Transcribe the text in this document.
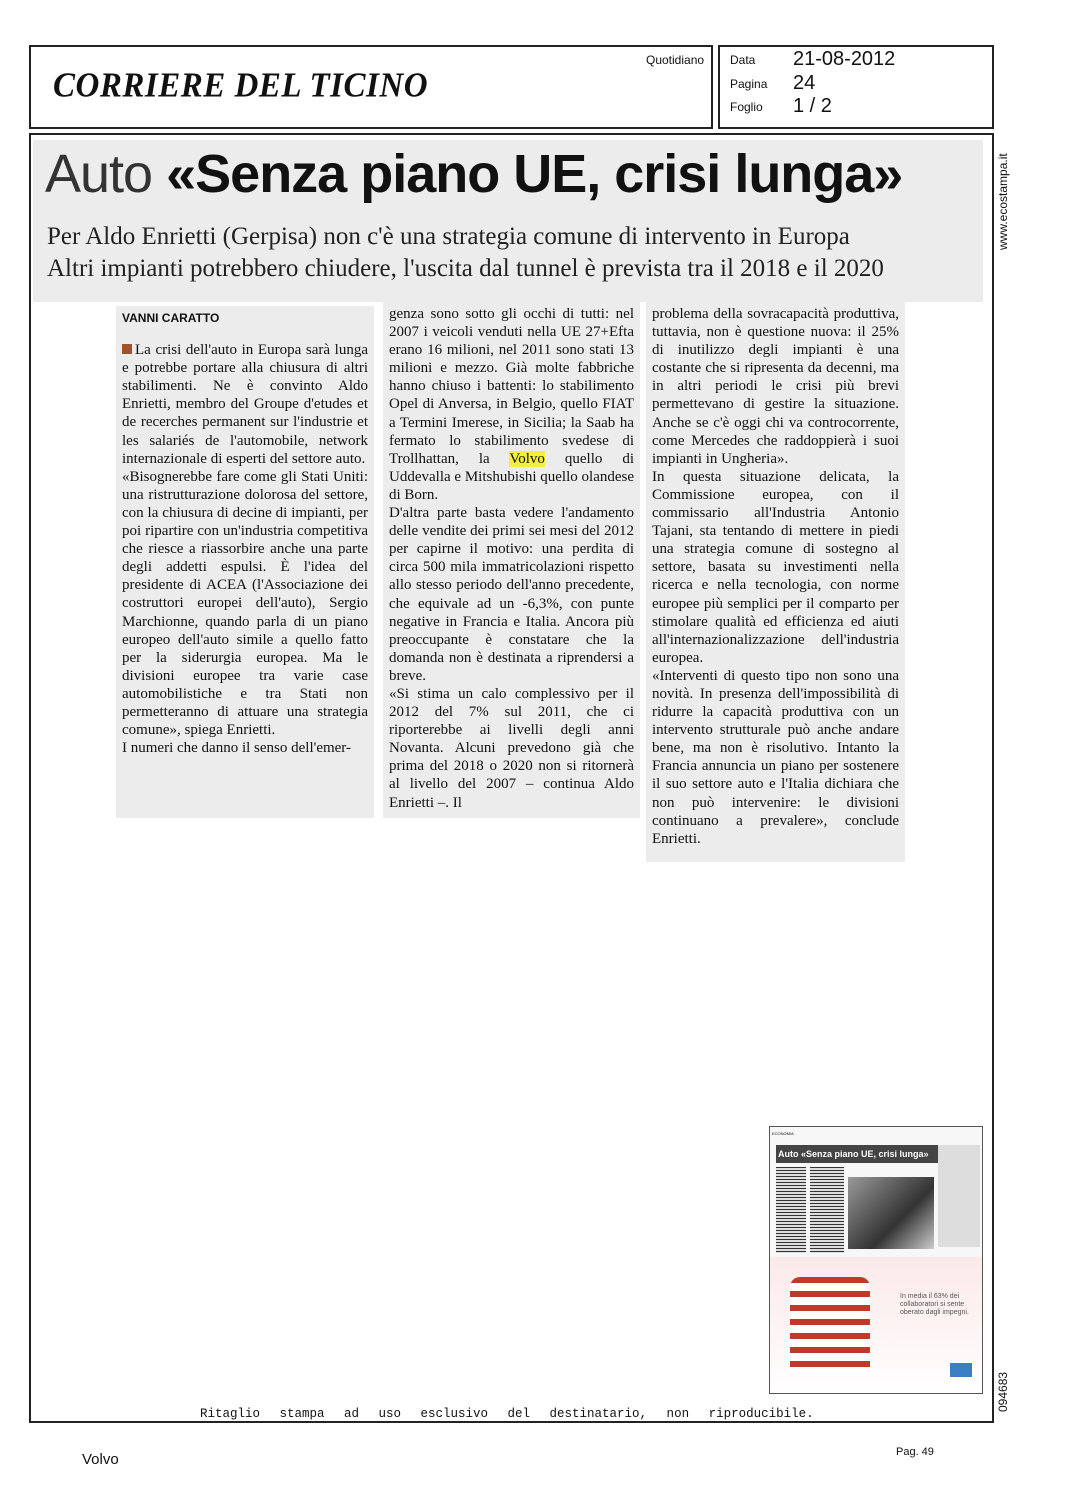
CORRIERE DEL TICINO
Quotidiano Data 21-08-2012
Pagina 24
Foglio 1 / 2
Auto «Senza piano UE, crisi lunga»
Per Aldo Enrietti (Gerpisa) non c'è una strategia comune di intervento in Europa
Altri impianti potrebbero chiudere, l'uscita dal tunnel è prevista tra il 2018 e il 2020
VANNI CARATTO

La crisi dell'auto in Europa sarà lunga e potrebbe portare alla chiusura di altri stabilimenti. Ne è convinto Aldo Enrietti, membro del Groupe d'etudes et de recerches permanent sur l'industrie et les salariés de l'automobile, network internazionale di esperti del settore auto.

«Bisognerebbe fare come gli Stati Uniti: una ristrutturazione dolorosa del settore, con la chiusura di decine di impianti, per poi ripartire con un'industria competitiva che riesce a riassorbire anche una parte degli addetti espulsi. È l'idea del presidente di ACEA (l'Associazione dei costruttori europei dell'auto), Sergio Marchionne, quando parla di un piano europeo dell'auto simile a quello fatto per la siderurgia europea. Ma le divisioni europee tra varie case automobilistiche e tra Stati non permetteranno di attuare una strategia comune», spiega Enrietti.

I numeri che danno il senso dell'emer-

genza sono sotto gli occhi di tutti: nel 2007 i veicoli venduti nella UE 27+Efta erano 16 milioni, nel 2011 sono stati 13 milioni e mezzo. Già molte fabbriche hanno chiuso i battenti: lo stabilimento Opel di Anversa, in Belgio, quello FIAT a Termini Imerese, in Sicilia; la Saab ha fermato lo stabilimento svedese di Trollhattan, la Volvo quello di Uddevalla e Mitshubishi quello olandese di Born.

D'altra parte basta vedere l'andamento delle vendite dei primi sei mesi del 2012 per capirne il motivo: una perdita di circa 500 mila immatricolazioni rispetto allo stesso periodo dell'anno precedente, che equivale ad un -6,3%, con punte negative in Francia e Italia. Ancora più preoccupante è constatare che la domanda non è destinata a riprendersi a breve.

«Si stima un calo complessivo per il 2012 del 7% sul 2011, che ci riporterebbe ai livelli degli anni Novanta. Alcuni prevedono già che prima del 2018 o 2020 non si ritornerà al livello del 2007 – continua Aldo Enrietti –. Il

problema della sovracapacità produttiva, tuttavia, non è questione nuova: il 25% di inutilizzo degli impianti è una costante che si ripresenta da decenni, ma in altri periodi le crisi più brevi permettevano di gestire la situazione. Anche se c'è oggi chi va controcorrente, come Mercedes che raddoppierà i suoi impianti in Ungheria».

In questa situazione delicata, la Commissione europea, con il commissario all'Industria Antonio Tajani, sta tentando di mettere in piedi una strategia comune di sostegno al settore, basata su investimenti nella ricerca e nella tecnologia, con norme europee più semplici per il comparto per stimolare qualità ed efficienza ed aiuti all'internazionalizzazione dell'industria europea.

«Interventi di questo tipo non sono una novità. In presenza dell'impossibilità di ridurre la capacità produttiva con un intervento strutturale può anche andare bene, ma non è risolutivo. Intanto la Francia annuncia un piano per sostenere il suo settore auto e l'Italia dichiara che non può intervenire: le divisioni continuano a prevalere», conclude Enrietti.

ECONOMIA
Auto «Senza piano UE, crisi lunga»
In media il 63% dei collaboratori si sente oberato dagli impegni.
www.ecostampa.it
094683
Ritaglio stampa ad uso esclusivo del destinatario, non riproducibile.
Volvo	Pag. 49
